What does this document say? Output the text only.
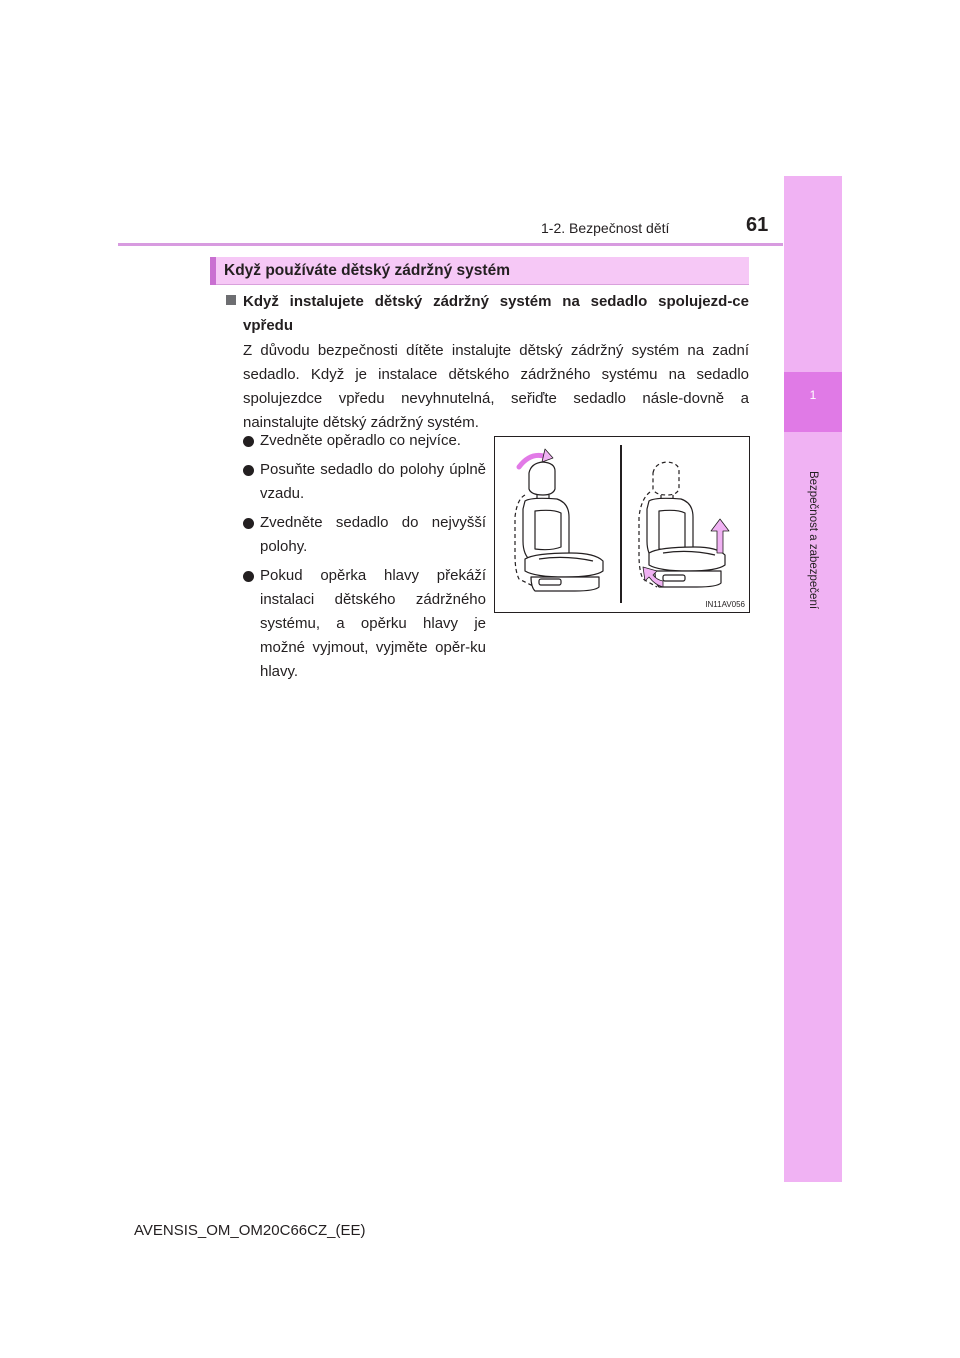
1
Bezpečnost a zabezpečení
1-2. Bezpečnost dětí	61
Když používáte dětský zádržný systém
Když instalujete dětský zádržný systém na sedadlo spolujezd-ce vpředu
Z důvodu bezpečnosti dítěte instalujte dětský zádržný systém na zadní sedadlo. Když je instalace dětského zádržného systému na sedadlo spolujezdce vpředu nevyhnutelná, seřiďte sedadlo násle-dovně a nainstalujte dětský zádržný systém.
Zvedněte opěradlo co nejvíce.
Posuňte sedadlo do polohy úplně vzadu.
Zvedněte sedadlo do nejvyšší polohy.
Pokud opěrka hlavy překáží instalaci dětského zádržného systému, a opěrku hlavy je možné vyjmout, vyjměte opěr-ku hlavy.
IN11AV056
AVENSIS_OM_OM20C66CZ_(EE)
